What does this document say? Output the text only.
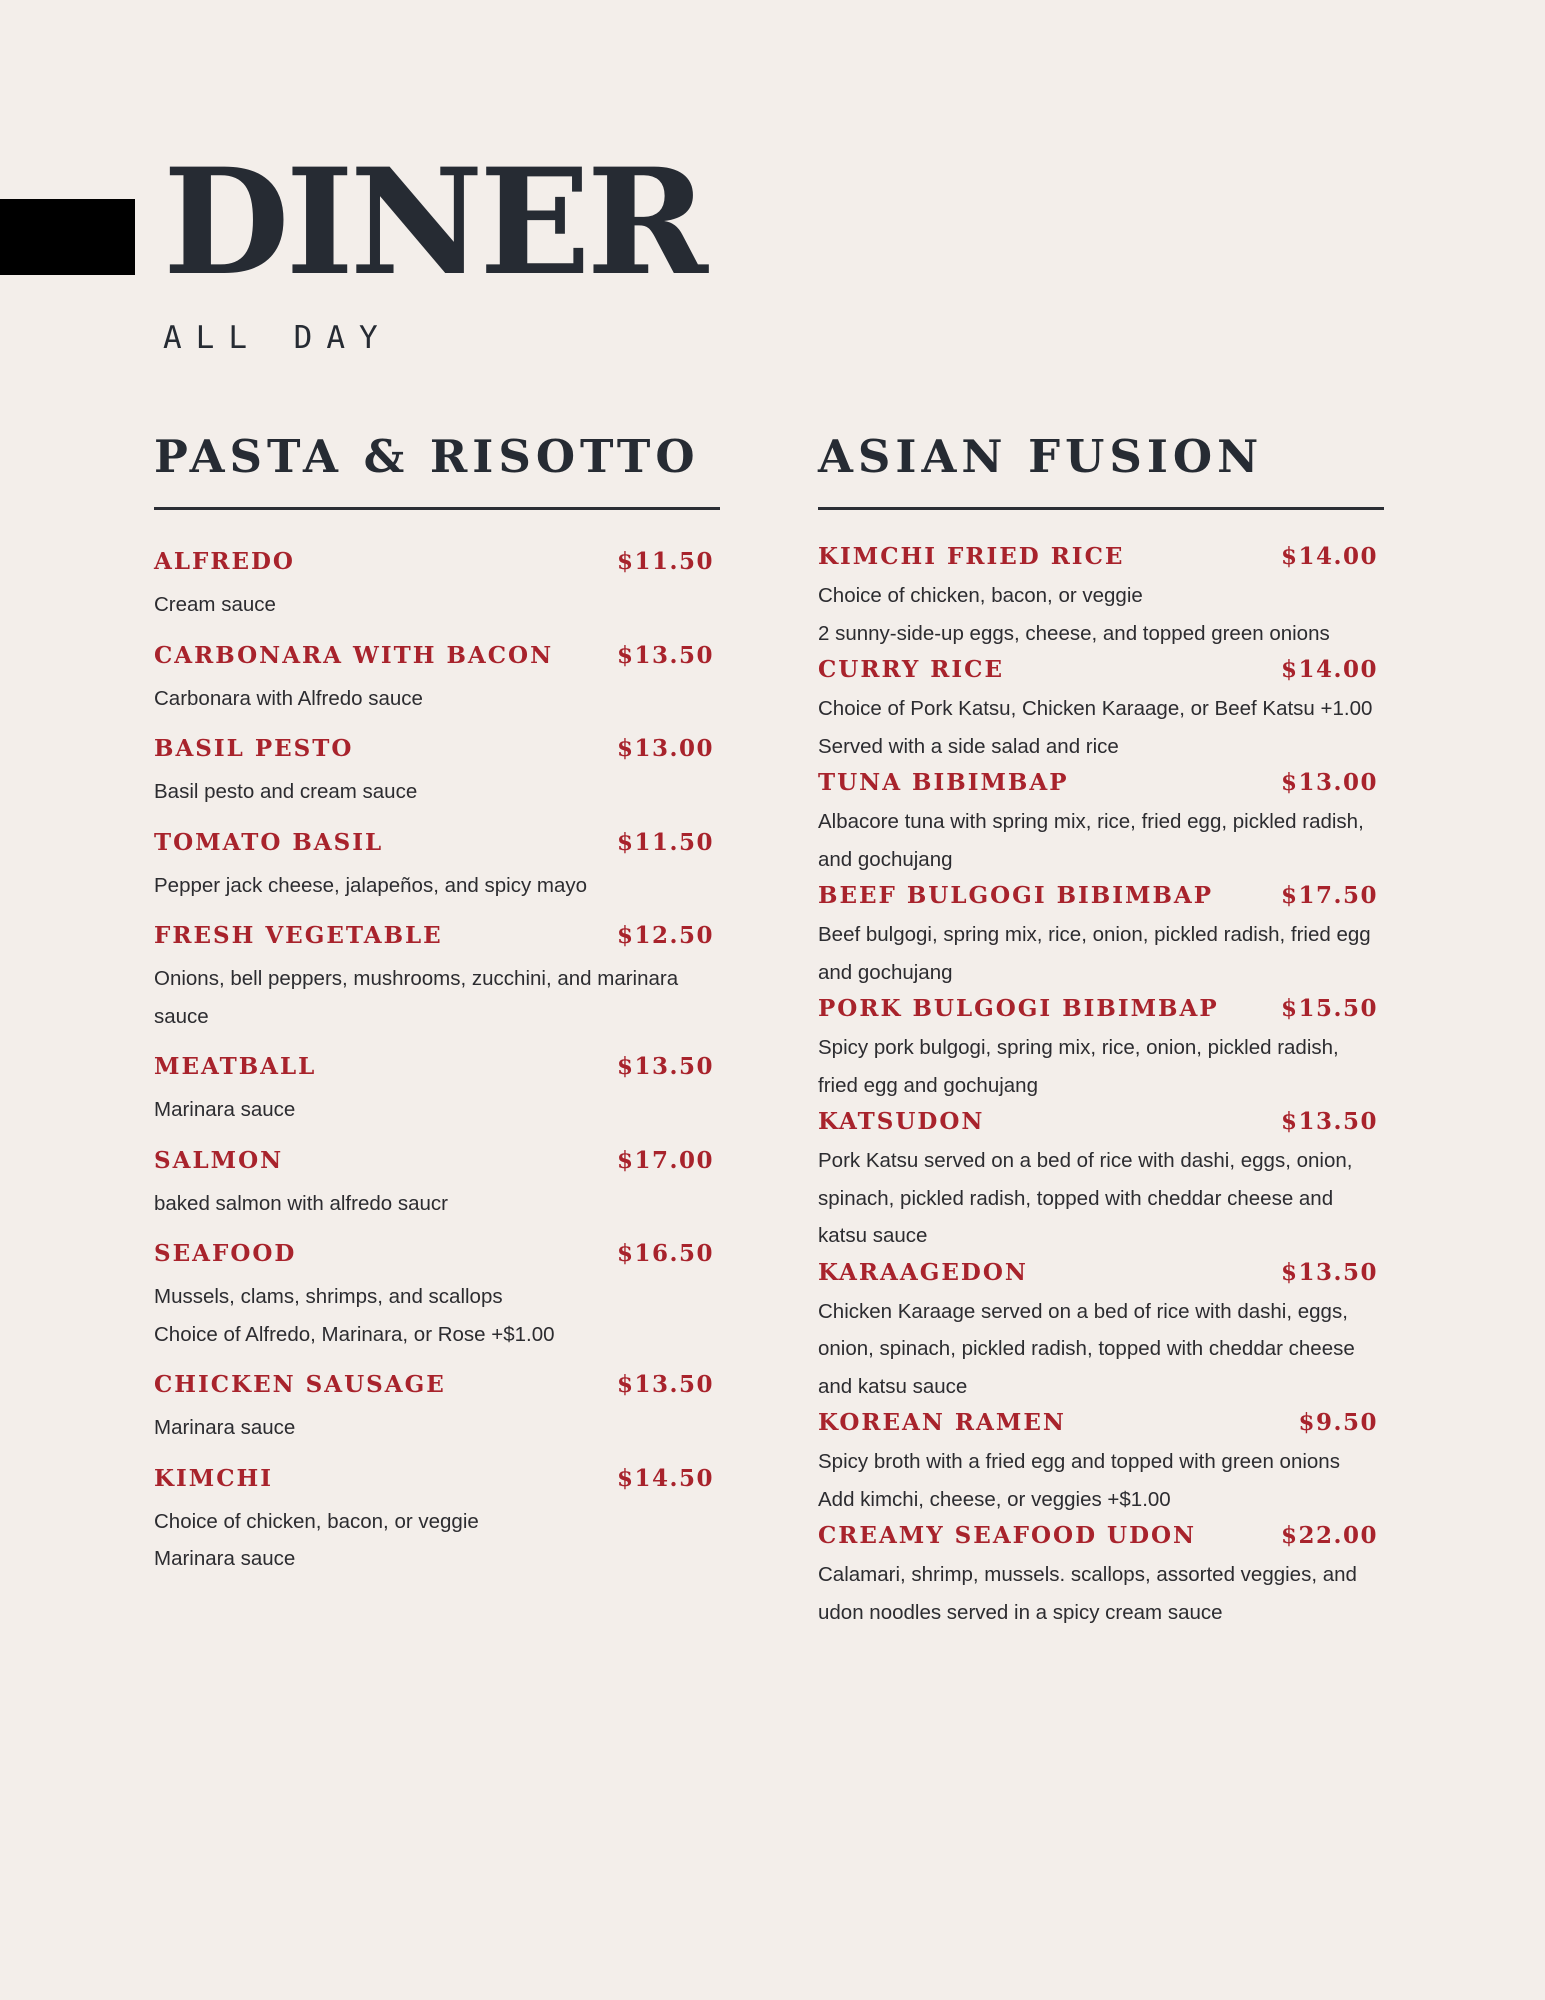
DINER
ALL DAY
PASTA & RISOTTO
ALFREDO	$11.50
Cream sauce
CARBONARA WITH BACON	$13.50
Carbonara with Alfredo sauce
BASIL PESTO	$13.00
Basil pesto and cream sauce
TOMATO BASIL	$11.50
Pepper jack cheese, jalapeños, and spicy mayo
FRESH VEGETABLE	$12.50
Onions, bell peppers, mushrooms, zucchini, and marinara sauce
MEATBALL	$13.50
Marinara sauce
SALMON	$17.00
baked salmon with alfredo saucr
SEAFOOD	$16.50
Mussels, clams, shrimps, and scallops
Choice of Alfredo, Marinara, or Rose +$1.00
CHICKEN SAUSAGE	$13.50
Marinara sauce
KIMCHI	$14.50
Choice of chicken, bacon, or veggie
Marinara sauce
ASIAN FUSION
KIMCHI FRIED RICE	$14.00
Choice of chicken, bacon, or veggie
2 sunny-side-up eggs, cheese, and topped green onions
CURRY RICE	$14.00
Choice of Pork Katsu, Chicken Karaage, or Beef Katsu +1.00
Served with a side salad and rice
TUNA BIBIMBAP	$13.00
Albacore tuna with spring mix, rice, fried egg, pickled radish, and gochujang
BEEF BULGOGI BIBIMBAP	$17.50
Beef bulgogi, spring mix, rice, onion, pickled radish, fried egg and gochujang
PORK BULGOGI BIBIMBAP	$15.50
Spicy pork bulgogi, spring mix, rice, onion, pickled radish, fried egg and gochujang
KATSUDON	$13.50
Pork Katsu served on a bed of rice with dashi, eggs, onion, spinach, pickled radish, topped with cheddar cheese and katsu sauce
KARAAGEDON	$13.50
Chicken Karaage served on a bed of rice with dashi, eggs, onion, spinach, pickled radish, topped with cheddar cheese and katsu sauce
KOREAN RAMEN	$9.50
Spicy broth with a fried egg and topped with green onions
Add kimchi, cheese, or veggies +$1.00
CREAMY SEAFOOD UDON	$22.00
Calamari, shrimp, mussels. scallops, assorted veggies, and udon noodles served in a spicy cream sauce
